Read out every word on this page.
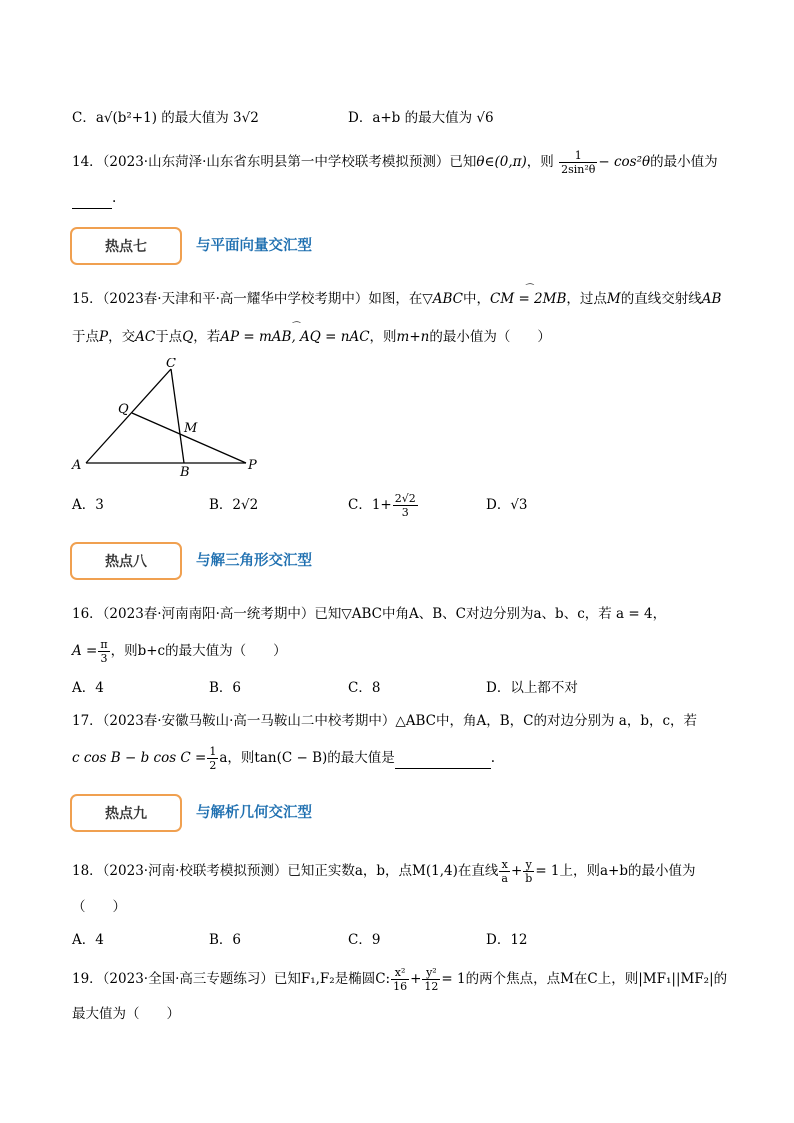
C．a√(b²+1) 的最大值为 3√2	D．a+b 的最大值为 √6
14．（2023·山东菏泽·山东省东明县第一中学校联考模拟预测）已知θ∈(0,π)，则 $\frac{1}{\text{2sin²θ}} - \cos^2\theta$的最小值为
.
热点七	与平面向量交汇型
15．（2023春·天津和平·高一耀华中学校考期中）如图，在▽ABC中，⌒ CM = 2MB，过点M的直线交射线AB
于点P，交AC于点Q，若⌒ AP = mAB, AQ = nAC，则m+n的最小值为（　　）
C
Q
M
A	B	P
A．3	B．2√2	C．$1+ \frac{2√2}{3}$	D．√3
热点八	与解三角形交汇型
16．（2023春·河南南阳·高一统考期中）已知▽ABC中角A、B、C对边分别为a、b、c，若 a = 4，
$A = \frac{\pi}{3}$ ，则b+c的最大值为（　　）
A．4	B．6	C．8	D．以上都不对
17．（2023春·安徽马鞍山·高一马鞍山二中校考期中）△ABC中，角A，B，C的对边分别为 a，b，c，若
c cos B − b $\cos C = \frac{1}{2}$ a，则tan(C − B)的最大值是	.
热点九	与解析几何交汇型
18．（2023·河南·校联考模拟预测）已知正实数a，b，点M(1,4)在直线 $\frac{x}{a} + \frac{y}{b} = 1$上，则a+b的最小值为
（　　）
A．4	B．6	C．9	D．12
19．（2023·全国·高三专题练习）已知F₁,F₂是椭圆C: $\frac{\text{x²}}{16} + \frac{\text{y²}}{12} = 1$的两个焦点，点M在C上，则|MF₁||MF₂|的
最大值为（　　）
